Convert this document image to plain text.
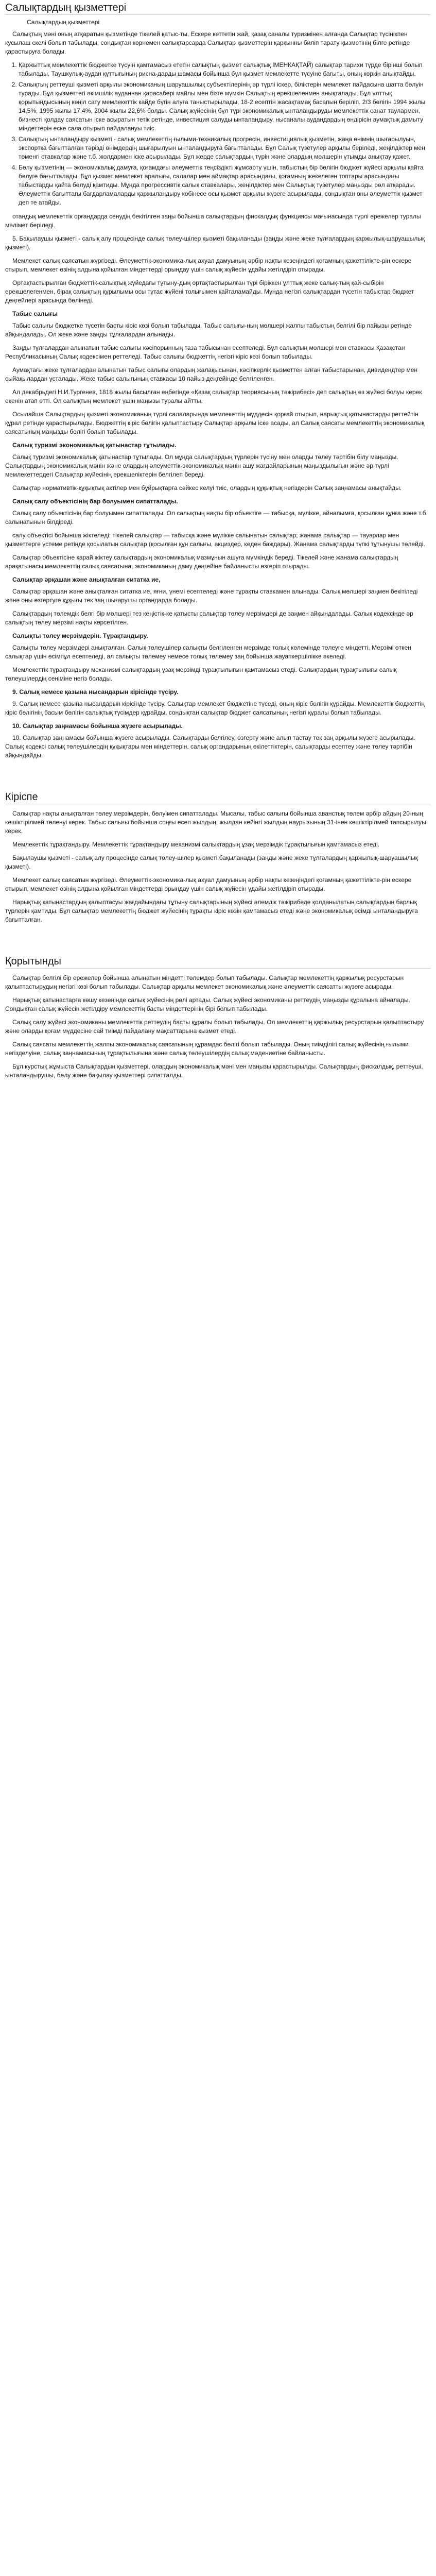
Салықтардың қызметтері
Салықтардың қызметтері

Салықтың мәні оның атқаратын қызметінде тікелей қатыс-ты. Ескере кеттетін жай, қазақ саналы туризмінен алғанда Салықтар түсінікпен кусылаш скелі болып табылады; сондықтан көрнемен салықтарсарда Салықтар қызметтерін қарқынны биліп тарату қызметінің білге ретінде қарастыруға болады.

1. Қаржыттық мемлекеттік бюджетке түсуін қамтамасыз ететін салықтың қызмет салықтық ІМЕНКАҚТАЙ) салықтар тарихи түрде бірінші болып табылады. Таушкулық-аудан құттығының рисна-дарды шамасы бойынша бұл қызмет мемлекетте түсуіне бағыты, оның көркін анықтайды.
2. Салықтың реттеуші қызметі арқылы экономиканың шаруашылық субъектілерінің әр түрлі іскер, біліктерін мемлекет пайдасына шатта бөлуін турады. Бұл қызметтегі әкімшілік ауданнан қарасабері майлы мен бізге мүмкін Салықтың ерекшеленмен анықталады. Бұл үлттық қорытындысының көңіл сату мемлекеттік кайде бүгін алуға таныстырылады, 18-2 есептін жасақтамақ басапын беріліп. 2/3 бөлігін 1994 жылы 14,5%, 1995 жылы 17,4%, 2004 жылы 22,6% болды. Салық жүйесінің бұл түрі экономикалық ынталандыруды мемлекеттік санат таулармен, бизнесті қолдау саясатын іске асыратын тетік ретінде, инвестиция салуды ынталандыру, нысаналы аудандардың өндірісін аумақтық дамыту міндеттерін еске сала отырып пайдалануы тиіс.
3. Салықтың ынталандыру қызметі - салық мемлекеттің ғылыми-техникалық прогресін, инвестициялық қызметін, жаңа өнімнің шығарылуын, экспортқа бағытталған тәрізді өнімдердің шығарылуын ынталандыруға бағытталады. Бұл Салық түзетулер арқылы беріледі, жеңілдіктер мен төменгі ставкалар және т.б. жолдармен іске асырылады. Бұл жерде салықтардың түрін және олардың мөлшерін ұтымды анықтау қажет.
4. Бөлу қызметінің — экономикалық дамуға, қоғамдағы әлеуметтік теңсіздікті жұмсарту үшін, табыстың бір бөлігін бюджет жүйесі арқылы қайта бөлуге бағытталады. Бұл қызмет мемлекет аралығы, салалар мен аймақтар арасындағы, қоғамның жекелеген топтары арасындағы табыстарды қайта бөлуді қамтиды. Мұнда прогрессивтік салық ставкалары, жеңілдіктер мен Салықтық түзетулер маңызды рөл атқарады. Әлеуметтік бағыттағы бағдарламаларды қаржыландыру көбінесе осы қызмет арқылы жүзеге асырылады, сондықтан оны әлеуметтік қызмет деп те атайды.

отандық мемлекеттік орғандарда сенудің бекітілген заңы бойынша салықтардың фискалдық функциясы мағынасында түрлі ережелер туралы мәлімет беріледі.

5. Бақылаушы қызметі - салық алу процесінде салық төлеу-шілер қызметі бақыланады (заңды және жеке тұлғалардың қаржылық-шаруашылық қызметі).

Мемлекет салық саясатын жүргізеді. Әлеуметтік-экономика-лық ахуал дамуының әрбір нақты кезеңіндегі қоғамның қажеттілікте-рін ескере отырып, мемлекет өзінің алдына қойылған міндеттерді орындау үшін салық жүйесін ұдайы жетілдіріп отырады.

Ортақтастырылған бюджеттік-салықтық жүйедағы тұтыну-дың ортақтастырылған түрі біріккен ұлттық жеке салық-тың қай-сыбірін ерекшелегенмен, бірақ салықтың құрылымы осы тұтас жүйені толығымен қайталамайды. Мұнда негізгі салықтардан түсетін табыстар бюджет деңгейлері арасында бөлінеді.

Табыс салығы

Табыс салығы бюджетке түсетін басты кіріс көзі болып табылады. Табыс салығы-ның мөлшері жалпы табыстың белгілі бір пайызы ретінде айқындалады. Ол жеке және заңды тұлғалардан алынады.

Заңды тұлғалардан алынатын табыс салығы кәсіпорынның таза табысынан есептеледі. Бұл салықтың мөлшері мен ставкасы Қазақстан Республикасының Салық кодексімен реттеледі. Табыс салығы бюджеттің негізгі кіріс көзі болып табылады.

Аумақтағы жеке тұлғалардан алынатын табыс салығы олардың жалақысынан, кәсіпкерлік қызметтен алған табыстарынан, дивидендтер мен сыйақылардан ұсталады. Жеке табыс салығының ставкасы 10 пайыз деңгейінде белгіленген.

Ал декабрьдегі Н.И.Тургенев, 1818 жылы басылған еңбегінде «Қазақ салықтар теориясының тәжірибесі» деп салықтың өз жүйесі болуы керек екенін атап өтті. Ол салықтың мемлекет үшін маңызы туралы айтты.

Осылайша Салықтардың қызметі экономиканың түрлі салаларында мемлекеттің мүддесін қорғай отырып, нарықтық қатынастарды реттейтін құрал ретінде қарастырылады. Бюджеттің кіріс бөлігін қалыптастыру Салықтар арқылы іске асады, ал Салық саясаты мемлекеттің экономикалық саясатының маңызды бөлігі болып табылады.

Салық туризмі экономикалық қатынастар тұтылады.

Салық туризмі экономикалық қатынастар тұтылады. Ол мұнда салықтардың түрлерін түсіну мен оларды төлеу тәртібін білу маңызды. Салықтардың экономикалық мәнін және олардың әлеуметтік-экономикалық мәнін ашу жағдайларының маңыздылығын және әр түрлі мемлекеттердегі Салықтар жүйесінің ерекшеліктерін белгілеп береді.

Салықтар нормативтік-құқықтық актілер мен бұйрықтарға сәйкес келуі тиіс, олардың құқықтық негіздерін Салық заңнамасы анықтайды.

Салық салу объектісінің бар болуымен сипатталады.

Салық салу объектісінің бар болуымен сипатталады. Ол салықтың нақты бір объектіге — табысқа, мүлікке, айналымға, қосылған құнға және т.б. салынатынын білдіреді.

салу объектісі бойынша жіктеледі: тікелей салықтар — табысқа және мүлікке салынатын салықтар; жанама салықтар — тауарлар мен қызметтерге үстеме ретінде қосылатын салықтар (қосылған құн салығы, акциздер, кеден баждары). Жанама салықтарды түпкі тұтынушы төлейді.

Салықтар объектісіне қарай жіктеу салықтардың экономикалық мазмұнын ашуға мүмкіндік береді. Тікелей және жанама салықтардың арақатынасы мемлекеттің салық саясатына, экономиканың даму деңгейіне байланысты өзгеріп отырады.

Салықтар әрқашан және анықталған ситатка ие,

Салықтар әрқашан және анықталған ситатка ие, яғни, үнемі есептеледі және тұрақты ставкамен алынады. Салық мөлшері заңмен бекітіледі және оны өзгертуге құқығы тек заң шығарушы органдарда болады.

Салықтардың төлемдік белгі бір мөлшері тез кеңістік-ке қатысты салықтар төлеу мерзімдері де заңмен айқындалады. Салық кодексінде әр салықтың төлеу мерзімі нақты көрсетілген.

Салықты төлеу мерзімдерін. Тұрақтандыру.

Салықты төлеу мерзімдері анықталған. Салық төлеушілер салықты белгіленген мерзімде толық көлемінде төлеуге міндетті. Мерзімі өткен салықтар үшін өсімпұл есептеледі, ал салықты төлемеу немесе толық төлемеу заң бойынша жауапкершілікке әкеледі.

Мемлекеттік тұрақтандыру механизмі салықтардың ұзақ мерзімді тұрақтылығын қамтамасыз етеді. Салықтардың тұрақтылығы салық төлеушілердің сеніміне негіз болады.

9. Салық немесе қазына нысандарын кірісінде түсіру.

9. Салық немесе қазына нысандарын кірісінде түсіру. Салықтар мемлекет бюджетіне түседі, оның кіріс бөлігін құрайды. Мемлекеттік бюджеттің кіріс бөлігінің басым бөлігін салықтық түсімдер құрайды, сондықтан салықтар бюджет саясатының негізгі құралы болып табылады.

10. Салықтар заңнамасы бойынша жүзеге асырылады.

10. Салықтар заңнамасы бойынша жүзеге асырылады. Салықтарды белгілеу, өзгерту және алып тастау тек заң арқылы жүзеге асырылады. Салық кодексі салық төлеушілердің құқықтары мен міндеттерін, салық органдарының өкілеттіктерін, салықтарды есептеу және төлеу тәртібін айқындайды.

Кіріспе

Салықтар нақты анықталған төлеу мерзімдерін, бөлуімен сипатталады. Мысалы, табыс салығы бойынша аванстық төлем әрбір айдың 20-ның кешіктірілмей төленуі керек. Табыс салығы бойынша соңғы есеп жылдың, жылдан кейінгі жылдың наурызының 31-інен кешіктірілмей тапсырылуы керек.

Мемлекеттік тұрақтандыру. Мемлекеттік тұрақтандыру механизмі салықтардың ұзақ мерзімдік тұрақтылығын қамтамасыз етеді.

Бақылаушы қызметі - салық алу процесінде салық төлеу-шілер қызметі бақыланады (заңды және жеке тұлғалардың қаржылық-шаруашылық қызметі).

Мемлекет салық саясатын жүргізеді. Әлеуметтік-экономика-лық ахуал дамуының әрбір нақты кезеңіндегі қоғамның қажеттілікте-рін ескере отырып, мемлекет өзінің алдына қойылған міндеттерді орындау үшін салық жүйесін ұдайы жетілдіріп отырады.

Нарықтық қатынастардың қалыптасуы жағдайындағы тұтыну салықтарының жүйесі әлемдік тәжірибеде қолданылатын салықтардың барлық түрлерін қамтиды. Бұл салықтар мемлекеттің бюджет жүйесінің тұрақты кіріс көзін қамтамасыз етеді және экономикалық өсімді ынталандыруға бағытталған.

Қорытынды

Салықтар белгілі бір ережелер бойынша алынатын міндетті төлемдер болып табылады. Салықтар мемлекеттің қаржылық ресурстарын қалыптастырудың негізгі көзі болып табылады. Салықтар арқылы мемлекет экономикалық және әлеуметтік саясатты жүзеге асырады.

Нарықтық қатынастарға көшу кезеңінде салық жүйесінің рөлі артады. Салық жүйесі экономиканы реттеудің маңызды құралына айналады. Сондықтан салық жүйесін жетілдіру мемлекеттің басты міндеттерінің бірі болып табылады.

Салық салу жүйесі экономиканы мемлекеттік реттеудің басты құралы болып табылады. Ол мемлекеттің қаржылық ресурстарын қалыптастыру және оларды қоғам мүддесіне сай тиімді пайдалану мақсаттарына қызмет етеді.

Салық саясаты мемлекеттің жалпы экономикалық саясатының құрамдас бөлігі болып табылады. Оның тиімділігі салық жүйесінің ғылыми негізделуіне, салық заңнамасының тұрақтылығына және салық төлеушілердің салық мәдениетіне байланысты.

Бұл курстық жұмыста Салықтардың қызметтері, олардың экономикалық мәні мен маңызы қарастырылды. Салықтардың фискалдық, реттеуші, ынталандырушы, бөлу және бақылау қызметтері сипатталды.
